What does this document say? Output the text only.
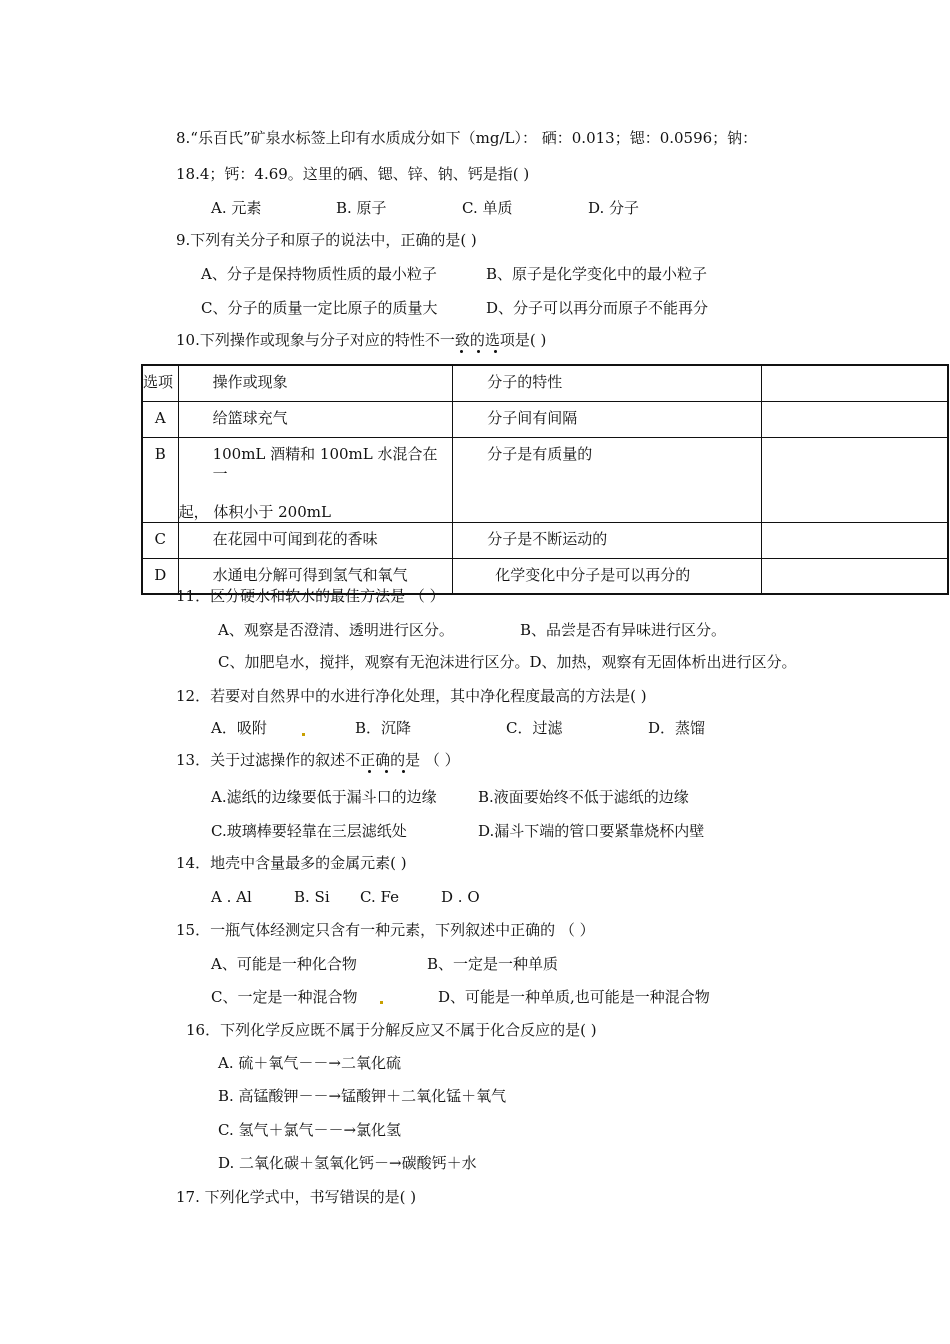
8.“乐百氏”矿泉水标签上印有水质成分如下（mg/L）： 硒：0.013；锶：0.0596；钠：
18.4；钙：4.69。这里的硒、锶、锌、钠、钙是指( )
A. 元素	B. 原子	C. 单质	D. 分子
9.下列有关分子和原子的说法中，正确的是( )
A、分子是保持物质性质的最小粒子	B、原子是化学变化中的最小粒子
C、分子的质量一定比原子的质量大	D、分子可以再分而原子不能再分
10.下列操作或现象与分子对应的特性不一致的选项是( )
选项	操作或现象	分子的特性	

A	给篮球充气	分子间有间隔	

B	100mL 酒精和 100mL 水混合在一
起， 体积小于 200mL	分子是有质量的	

C	在花园中可闻到花的香味	分子是不断运动的	

D	水通电分解可得到氢气和氧气	化学变化中分子是可以再分的	

11．区分硬水和软水的最佳方法是 （ ）
A、观察是否澄清、透明进行区分。	B、品尝是否有异味进行区分。
C、加肥皂水，搅拌，观察有无泡沫进行区分。D、加热，观察有无固体析出进行区分。
12．若要对自然界中的水进行净化处理，其中净化程度最高的方法是( )
A．吸附	B．沉降	C．过滤	D．蒸馏
13．关于过滤操作的叙述不正确的是 （ ）
A.滤纸的边缘要低于漏斗口的边缘	B.液面要始终不低于滤纸的边缘
C.玻璃棒要轻靠在三层滤纸处	D.漏斗下端的管口要紧靠烧杯内壁
14．地壳中含量最多的金属元素( )
A . Al	B. Si C. Fe	D . O
15．一瓶气体经测定只含有一种元素，下列叙述中正确的 （ ）
A、可能是一种化合物	B、一定是一种单质
C、一定是一种混合物	D、可能是一种单质,也可能是一种混合物
16．下列化学反应既不属于分解反应又不属于化合反应的是( )
A. 硫＋氧气－－→二氧化硫
B. 高锰酸钾－－→锰酸钾＋二氧化锰＋氧气
C. 氢气＋氯气－－→氯化氢
D. 二氧化碳＋氢氧化钙－→碳酸钙＋水
17. 下列化学式中，书写错误的是( )
